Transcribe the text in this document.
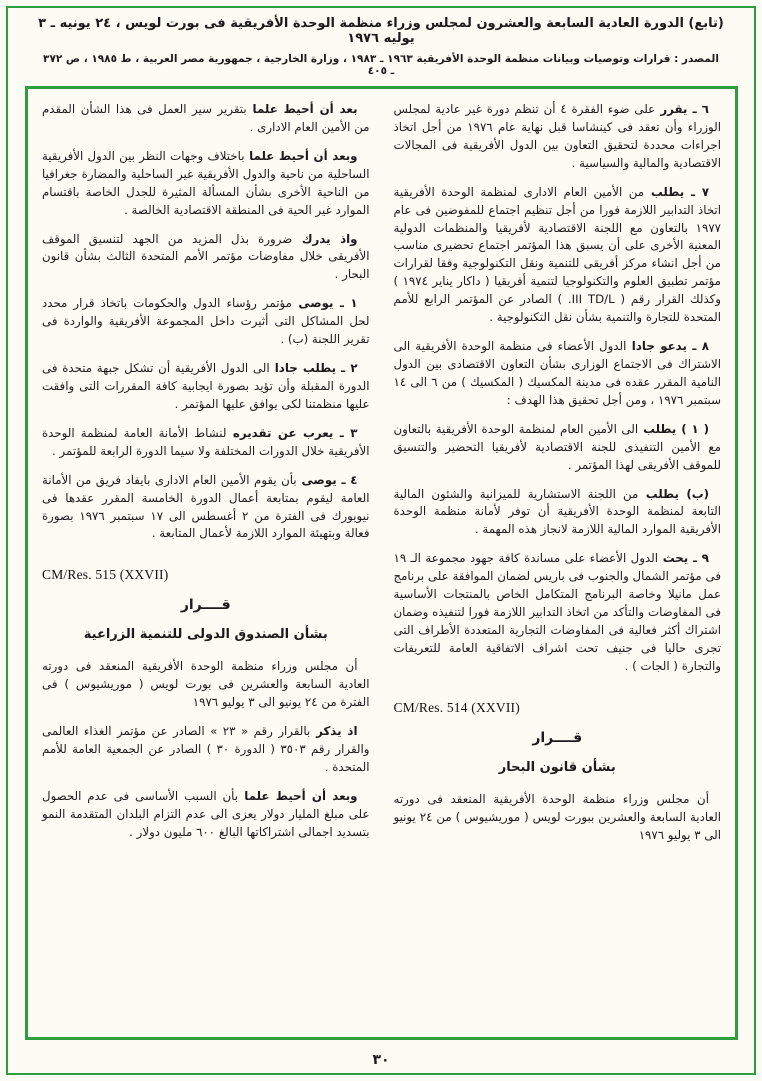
(تابع) الدورة العادية السابعة والعشرون لمجلس وزراء منظمة الوحدة الأفريقية فى بورت لويس ، ٢٤ يونيه ـ ٣ يوليه ١٩٧٦
المصدر : قرارات وتوصيات وبيانات منظمة الوحدة الأفريقية ١٩٦٣ ـ ١٩٨٣ ، وزارة الخارجية ، جمهورية مصر العربية ، ط ١٩٨٥ ، ص ٣٧٢ ـ ٤٠٥

٦ ـ يقرر على ضوء الفقرة ٤ أن تنظم دورة غير عادية لمجلس الوزراء وأن تعقد فى كينشاسا قبل نهاية عام ١٩٧٦ من أجل اتخاذ اجراءات محددة لتحقيق التعاون بين الدول الأفريقية فى المجالات الاقتصادية والمالية والسياسية .

٧ ـ يطلب من الأمين العام الادارى لمنظمة الوحدة الأفريقية اتخاذ التدابير اللازمة فورا من أجل تنظيم اجتماع للمفوضين فى عام ١٩٧٧ بالتعاون مع اللجنة الاقتصادية لأفريقيا والمنظمات الدولية المعنية الأخرى على أن يسبق هذا المؤتمر اجتماع تحضيرى مناسب من أجل انشاء مركز أفريقى للتنمية ونقل التكنولوجية وفقا لقرارات مؤتمر تطبيق العلوم والتكنولوجيا لتنمية أفريقيا ( داكار يناير ١٩٧٤ ) وكذلك القرار رقم ( III TD/L. ) الصادر عن المؤتمر الرابع للأمم المتحدة للتجارة والتنمية بشأن نقل التكنولوجية .

٨ ـ يدعو جادا الدول الأعضاء فى منظمة الوحدة الأفريقية الى الاشتراك فى الاجتماع الوزارى بشأن التعاون الاقتصادى بين الدول النامية المقرر عقده فى مدينة المكسيك ( المكسيك ) من ٦ الى ١٤ سبتمبر ١٩٧٦ ، ومن أجل تحقيق هذا الهدف :

( ١ ) يطلب الى الأمين العام لمنظمة الوحدة الأفريقية بالتعاون مع الأمين التنفيذى للجنة الاقتصادية لأفريقيا التحضير والتنسيق للموقف الأفريقى لهذا المؤتمر .

(ب) يطلب من اللجنة الاستشارية للميزانية والشئون المالية التابعة لمنظمة الوحدة الأفريقية أن توفر لأمانة منظمة الوحدة الأفريقية الموارد المالية اللازمة لانجاز هذه المهمة .

٩ ـ يحث الدول الأعضاء على مساندة كافة جهود مجموعة الـ ١٩ فى مؤتمر الشمال والجنوب فى باريس لضمان الموافقة على برنامج عمل مانيلا وخاصة البرنامج المتكامل الخاص بالمنتجات الأساسية فى المفاوضات والتأكد من اتخاذ التدابير اللازمة فورا لتنفيذه وضمان اشتراك أكثر فعالية فى المفاوضات التجارية المتعددة الأطراف التى تجرى حاليا فى جنيف تحت اشراف الاتفاقية العامة للتعريفات والتجارة ( الجات ) .

CM/Res. 514 (XXVII)

قــــرار
بشأن قانون البحار

أن مجلس وزراء منظمة الوحدة الأفريقية المنعقد فى دورته العادية السابعة والعشرين ببورت لويس ( موريشيوس ) من ٢٤ يونيو الى ٣ يوليو ١٩٧٦

بعد أن أحيط علما بتقرير سير العمل فى هذا الشأن المقدم من الأمين العام الادارى .

وبعد أن أحيط علما باختلاف وجهات النظر بين الدول الأفريقية الساحلية من ناحية والدول الأفريقية غير الساحلية والمضارة جغرافيا من الناحية الأخرى بشأن المسألة المثيرة للجدل الخاصة باقتسام الموارد غير الحية فى المنطقة الاقتصادية الخالصة .

واذ يدرك ضرورة بذل المزيد من الجهد لتنسيق الموقف الأفريقى خلال مفاوضات مؤتمر الأمم المتحدة الثالث بشأن قانون البحار .

١ ـ يوصى مؤتمر رؤساء الدول والحكومات باتخاذ قرار محدد لحل المشاكل التى أثيرت داخل المجموعة الأفريقية والواردة فى تقرير اللجنة (ب) .

٢ ـ يطلب جادا الى الدول الأفريقية أن تشكل جبهة متحدة فى الدورة المقبلة وأن تؤيد بصورة ايجابية كافة المقررات التى وافقت عليها منظمتنا لكى يوافق عليها المؤتمر .

٣ ـ يعرب عن تقديره لنشاط الأمانة العامة لمنظمة الوحدة الأفريقية خلال الدورات المختلفة ولا سيما الدورة الرابعة للمؤتمر .

٤ ـ يوصى بأن يقوم الأمين العام الادارى بايفاد فريق من الأمانة العامة ليقوم بمتابعة أعمال الدورة الخامسة المقرر عقدها فى نيويورك فى الفترة من ٢ أغسطس الى ١٧ سبتمبر ١٩٧٦ بصورة فعالة وبتهيئة الموارد اللازمة لأعمال المتابعة .

CM/Res. 515 (XXVII)

قــــرار
بشأن الصندوق الدولى للتنمية الزراعية

أن مجلس وزراء منظمة الوحدة الأفريقية المنعقد فى دورته العادية السابعة والعشرين فى بورت لويس ( موريشيوس ) فى الفترة من ٢٤ يونيو الى ٣ يوليو ١٩٧٦

اذ يذكر بالقرار رقم « ٢٣ » الصادر عن مؤتمر الغذاء العالمى والقرار رقم ٣٥٠٣ ( الدورة ٣٠ ) الصادر عن الجمعية العامة للأمم المتحدة .

وبعد أن أحيط علما بأن السبب الأساسى فى عدم الحصول على مبلغ المليار دولار يعزى الى عدم التزام البلدان المتقدمة النمو بتسديد اجمالى اشتراكاتها البالغ ٦٠٠ مليون دولار .

٣٠
